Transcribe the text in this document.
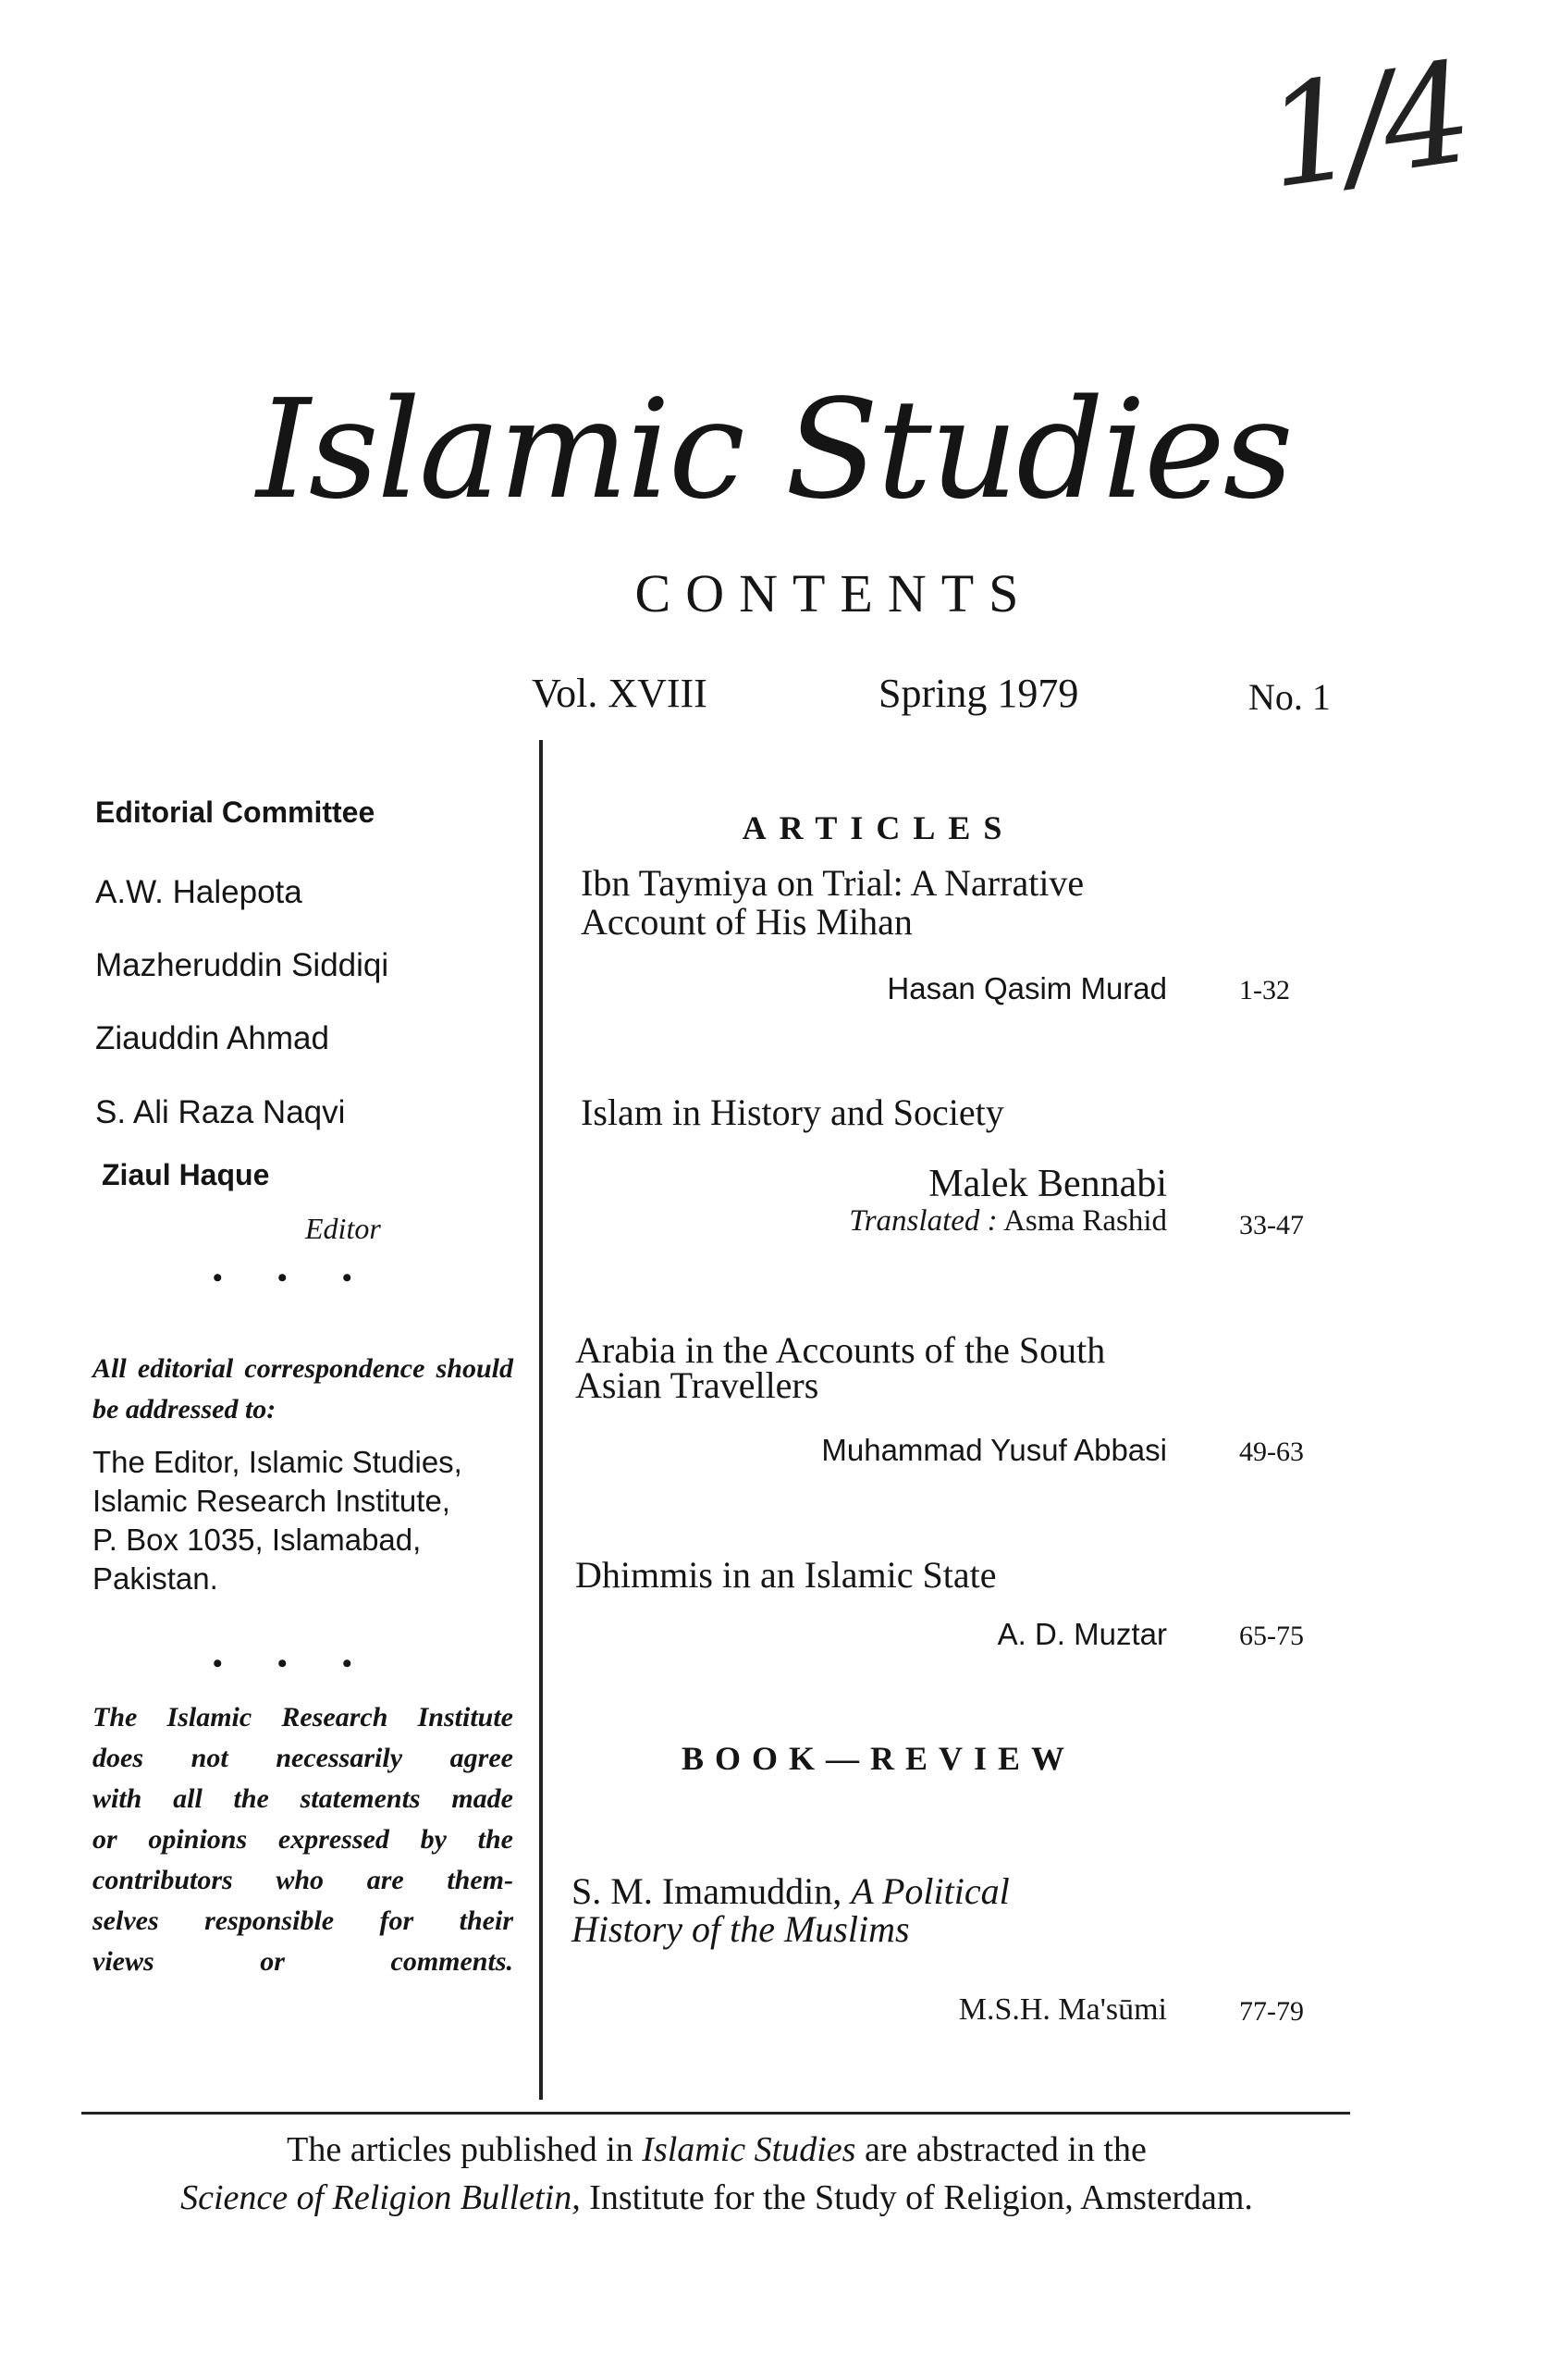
1/4
Islamic Studies
CONTENTS
Vol. XVIII	Spring 1979	No. 1
Editorial Committee
A.W. Halepota
Mazheruddin Siddiqi
Ziauddin Ahmad
S. Ali Raza Naqvi
Ziaul Haque
Editor
• • •
All editorial correspondence should be addressed to:
The Editor, Islamic Studies,
Islamic Research Institute,
P. Box 1035, Islamabad,
Pakistan.
• • •
The Islamic Research Institute
does not necessarily agree
with all the statements made
or opinions expressed by the
contributors who are them-
selves responsible for their
views or comments.
ARTICLES
Ibn Taymiya on Trial: A Narrative
Account of His Mihan
Hasan Qasim Murad	1-32
Islam in History and Society
Malek Bennabi
Translated : Asma Rashid	33-47
Arabia in the Accounts of the South
Asian Travellers
Muhammad Yusuf Abbasi	49-63
Dhimmis in an Islamic State
A. D. Muztar	65-75
BOOK—REVIEW
S. M. Imamuddin, A Political
History of the Muslims
M.S.H. Ma'sūmi	77-79
The articles published in Islamic Studies are abstracted in the
Science of Religion Bulletin, Institute for the Study of Religion, Amsterdam.
